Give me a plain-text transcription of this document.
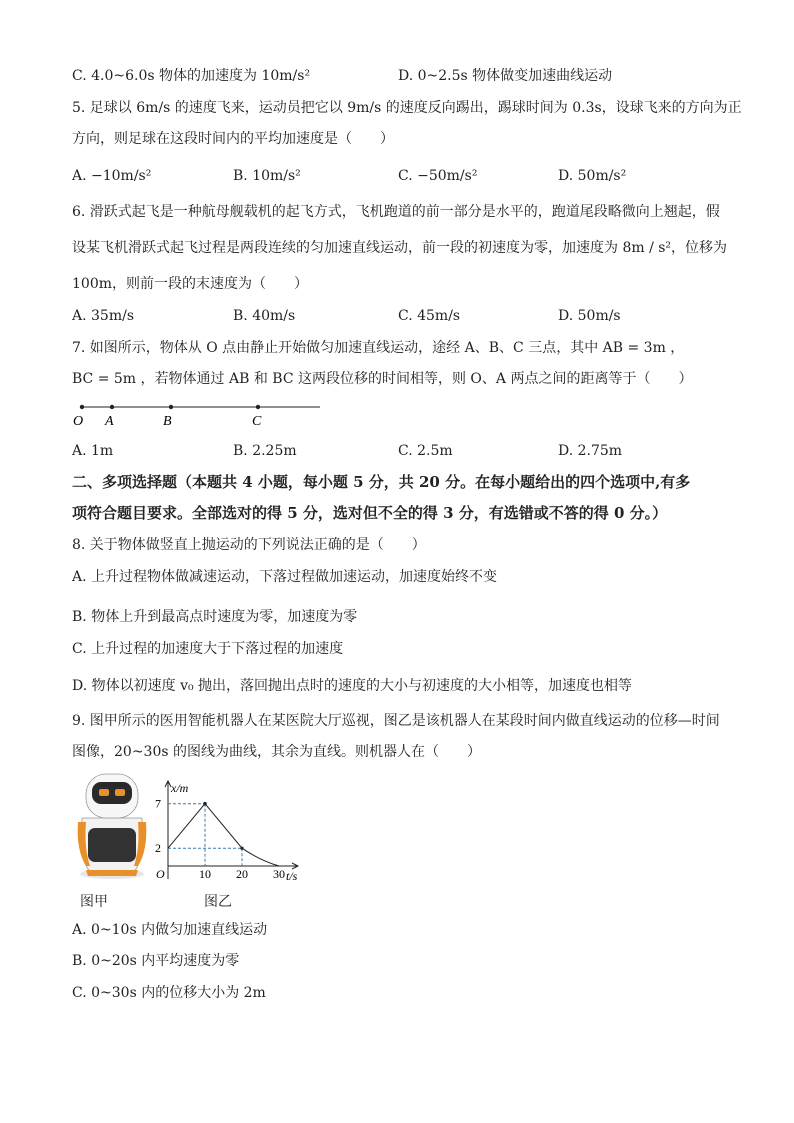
C. 4.0~6.0s 物体的加速度为 10m/s²	D. 0~2.5s 物体做变加速曲线运动
5. 足球以 6m/s 的速度飞来，运动员把它以 9m/s 的速度反向踢出，踢球时间为 0.3s，设球飞来的方向为正
方向，则足球在这段时间内的平均加速度是（　　）
A. −10m/s²	B. 10m/s²	C. −50m/s²	D. 50m/s²
6. 滑跃式起飞是一种航母舰载机的起飞方式，飞机跑道的前一部分是水平的，跑道尾段略微向上翘起，假
设某飞机滑跃式起飞过程是两段连续的匀加速直线运动，前一段的初速度为零，加速度为 8m / s²，位移为
100m，则前一段的末速度为（　　）
A. 35m/s	B. 40m/s	C. 45m/s	D. 50m/s
7. 如图所示，物体从 O 点由静止开始做匀加速直线运动，途经 A、B、C 三点，其中 AB = 3m ，
BC = 5m ，若物体通过 AB 和 BC 这两段位移的时间相等，则 O、A 两点之间的距离等于（　　）
O A	B	C
A. 1m	B. 2.25m	C. 2.5m	D. 2.75m
二、多项选择题（本题共 4 小题，每小题 5 分，共 20 分。在每小题给出的四个选项中,有多
项符合题目要求。全部选对的得 5 分，选对但不全的得 3 分，有选错或不答的得 0 分。）
8. 关于物体做竖直上抛运动的下列说法正确的是（　　）
A. 上升过程物体做减速运动，下落过程做加速运动，加速度始终不变
B. 物体上升到最高点时速度为零，加速度为零
C. 上升过程的加速度大于下落过程的加速度
D. 物体以初速度 v₀ 抛出，落回抛出点时的速度的大小与初速度的大小相等，加速度也相等
9. 图甲所示的医用智能机器人在某医院大厅巡视，图乙是该机器人在某段时间内做直线运动的位移—时间
图像，20~30s 的图线为曲线，其余为直线。则机器人在（　　）
图甲
x/m
7
2
O	10 20 30 t/s
图乙
A. 0~10s 内做匀加速直线运动
B. 0~20s 内平均速度为零
C. 0~30s 内的位移大小为 2m
